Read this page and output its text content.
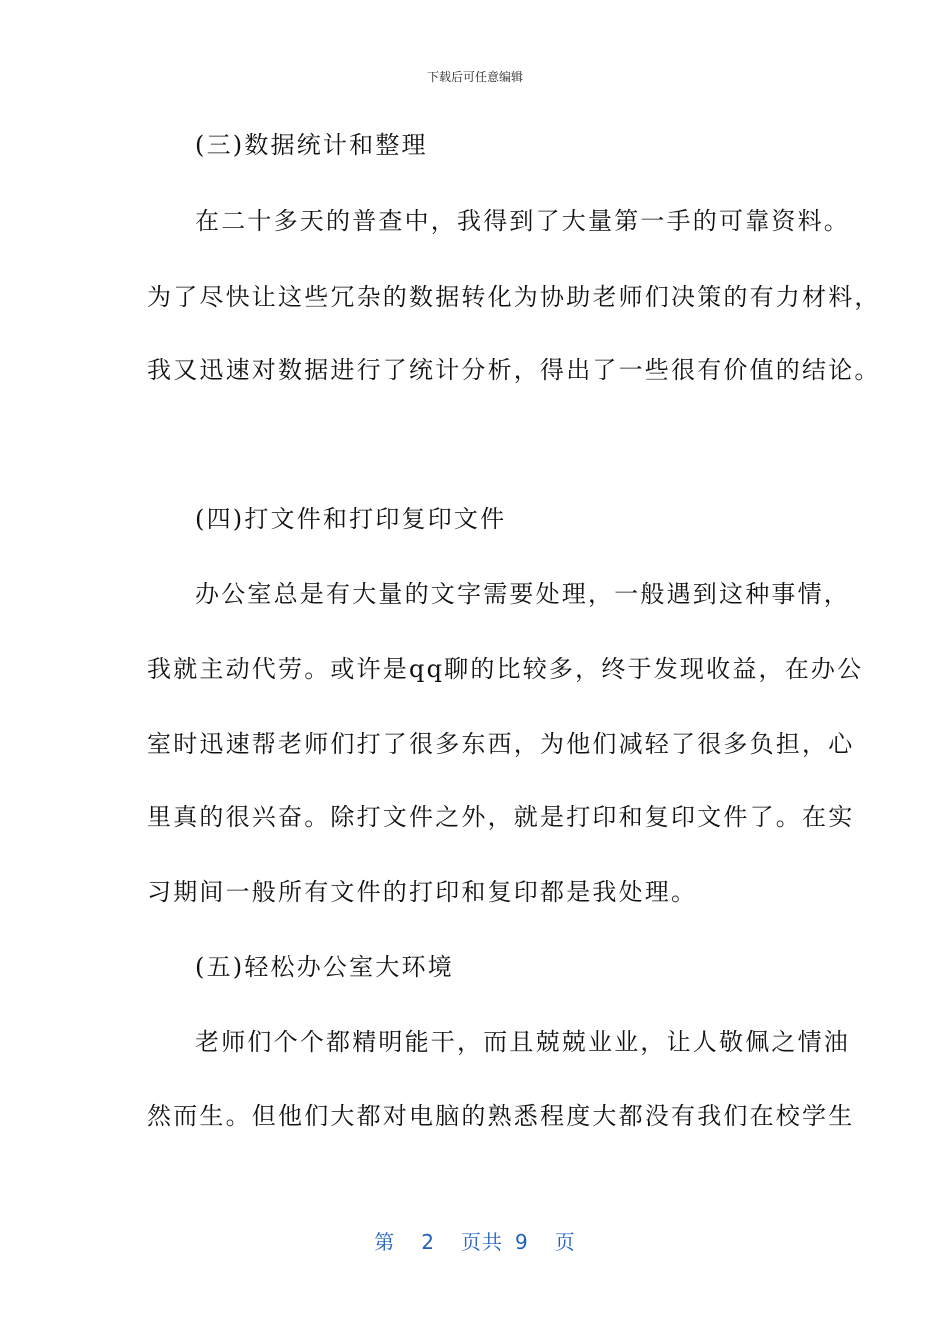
下载后可任意编辑
(三)数据统计和整理
在二十多天的普查中，我得到了大量第一手的可靠资料。
为了尽快让这些冗杂的数据转化为协助老师们决策的有力材料，
我又迅速对数据进行了统计分析，得出了一些很有价值的结论。
(四)打文件和打印复印文件
办公室总是有大量的文字需要处理，一般遇到这种事情，
我就主动代劳。或许是qq聊的比较多，终于发现收益，在办公
室时迅速帮老师们打了很多东西，为他们减轻了很多负担，心
里真的很兴奋。除打文件之外，就是打印和复印文件了。在实
习期间一般所有文件的打印和复印都是我处理。
(五)轻松办公室大环境
老师们个个都精明能干，而且兢兢业业，让人敬佩之情油
然而生。但他们大都对电脑的熟悉程度大都没有我们在校学生
第 2 页共 9 页
